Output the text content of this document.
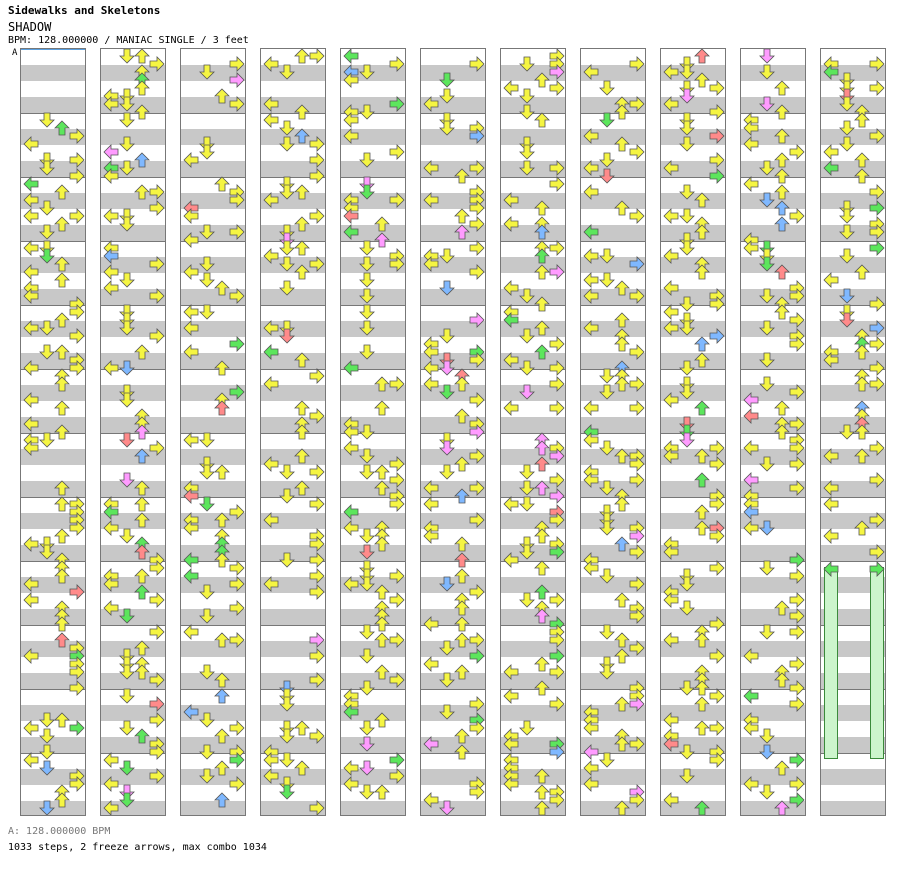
Sidewalks and Skeletons
SHADOW
BPM: 128.000000 / MANIAC SINGLE / 3 feet
A
A: 128.000000 BPM
1033 steps, 2 freeze arrows, max combo 1034
